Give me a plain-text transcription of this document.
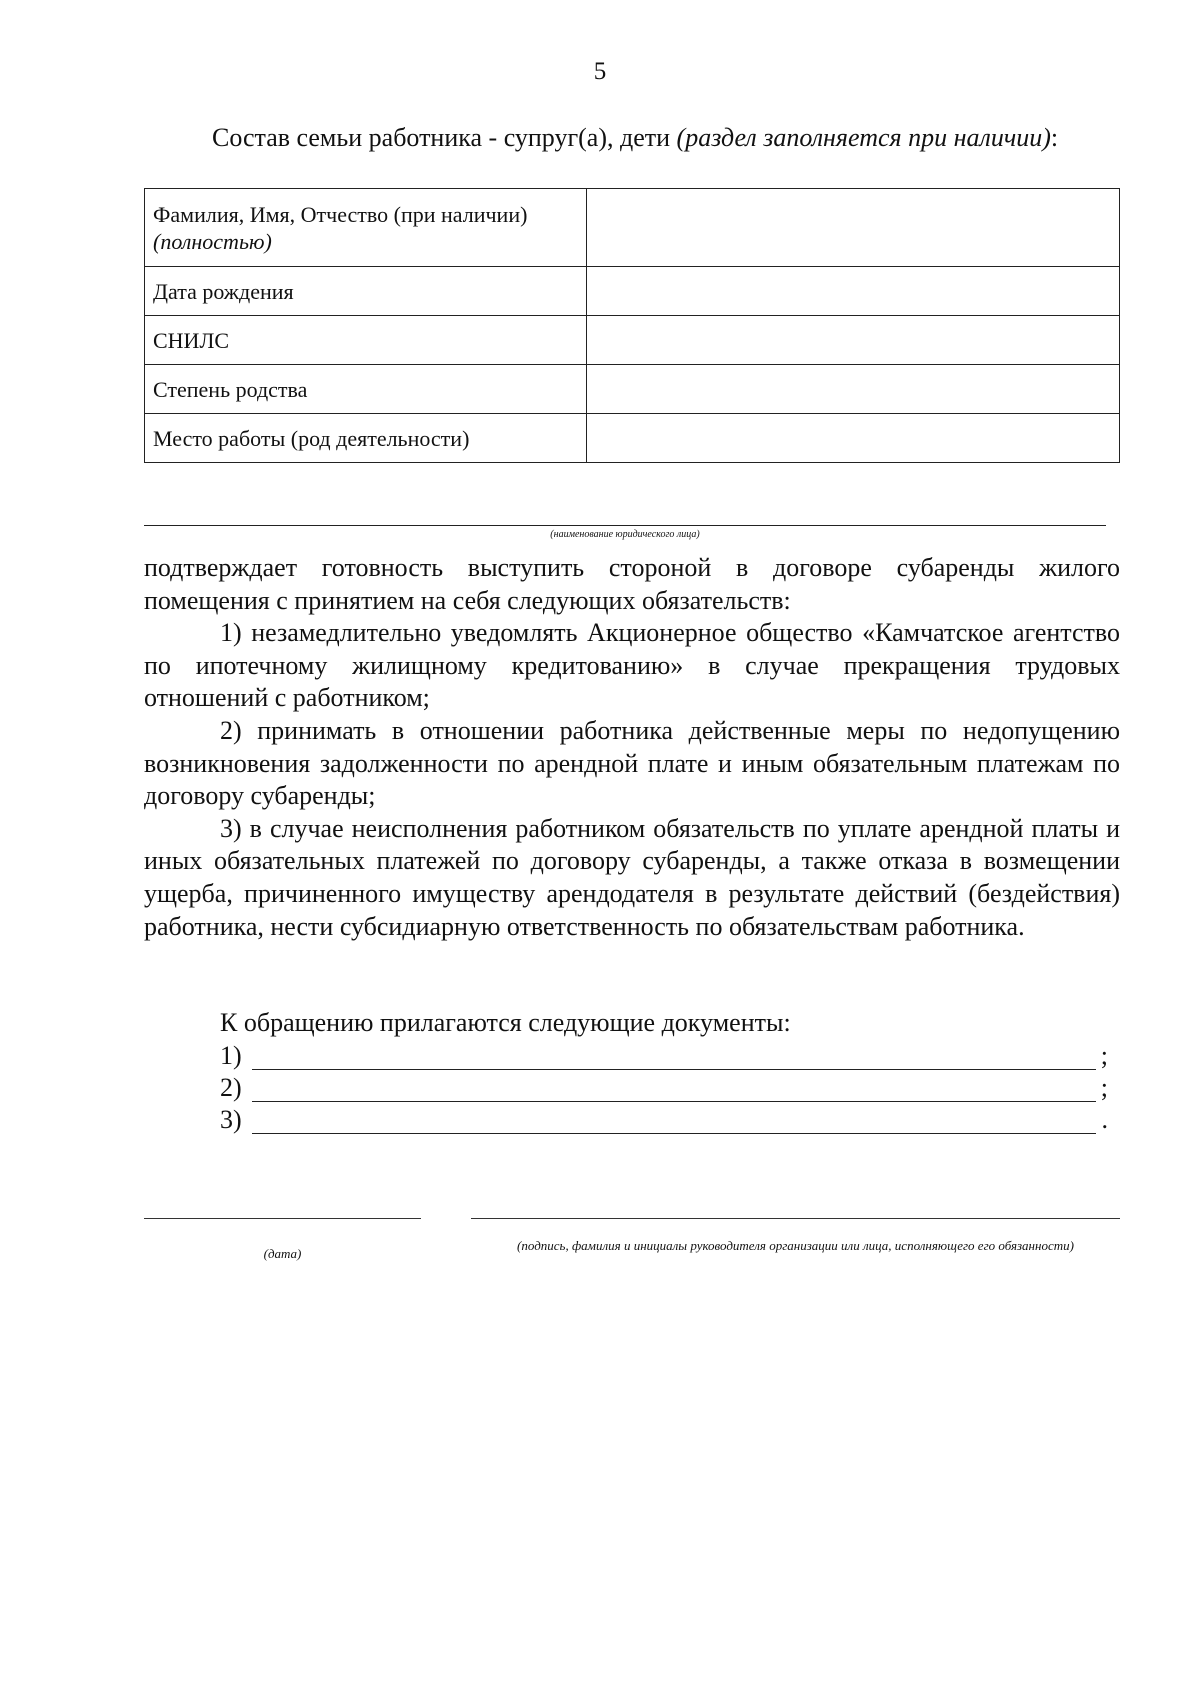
5
Состав семьи работника - супруг(а), дети (раздел заполняется при наличии):
Фамилия, Имя, Отчество (при наличии)
(полностью)	
Дата рождения	
СНИЛС	
Степень родства	
Место работы (род деятельности)	
(наименование юридического лица)

подтверждает готовность выступить стороной в договоре субаренды жилого помещения с принятием на себя следующих обязательств:

1) незамедлительно уведомлять Акционерное общество «Камчатское агентство по ипотечному жилищному кредитованию» в случае прекращения трудовых отношений с работником;

2) принимать в отношении работника действенные меры по недопущению возникновения задолженности по арендной плате и иным обязательным платежам по договору субаренды;

3) в случае неисполнения работником обязательств по уплате арендной платы и иных обязательных платежей по договору субаренды, а также отказа в возмещении ущерба, причиненного имуществу арендодателя в результате действий (бездействия) работника, нести субсидиарную ответственность по обязательствам работника.

К обращению прилагаются следующие документы:
1)	;
2)	;
3)	.
(дата)
(подпись, фамилия и инициалы руководителя организации или лица, исполняющего его обязанности)
